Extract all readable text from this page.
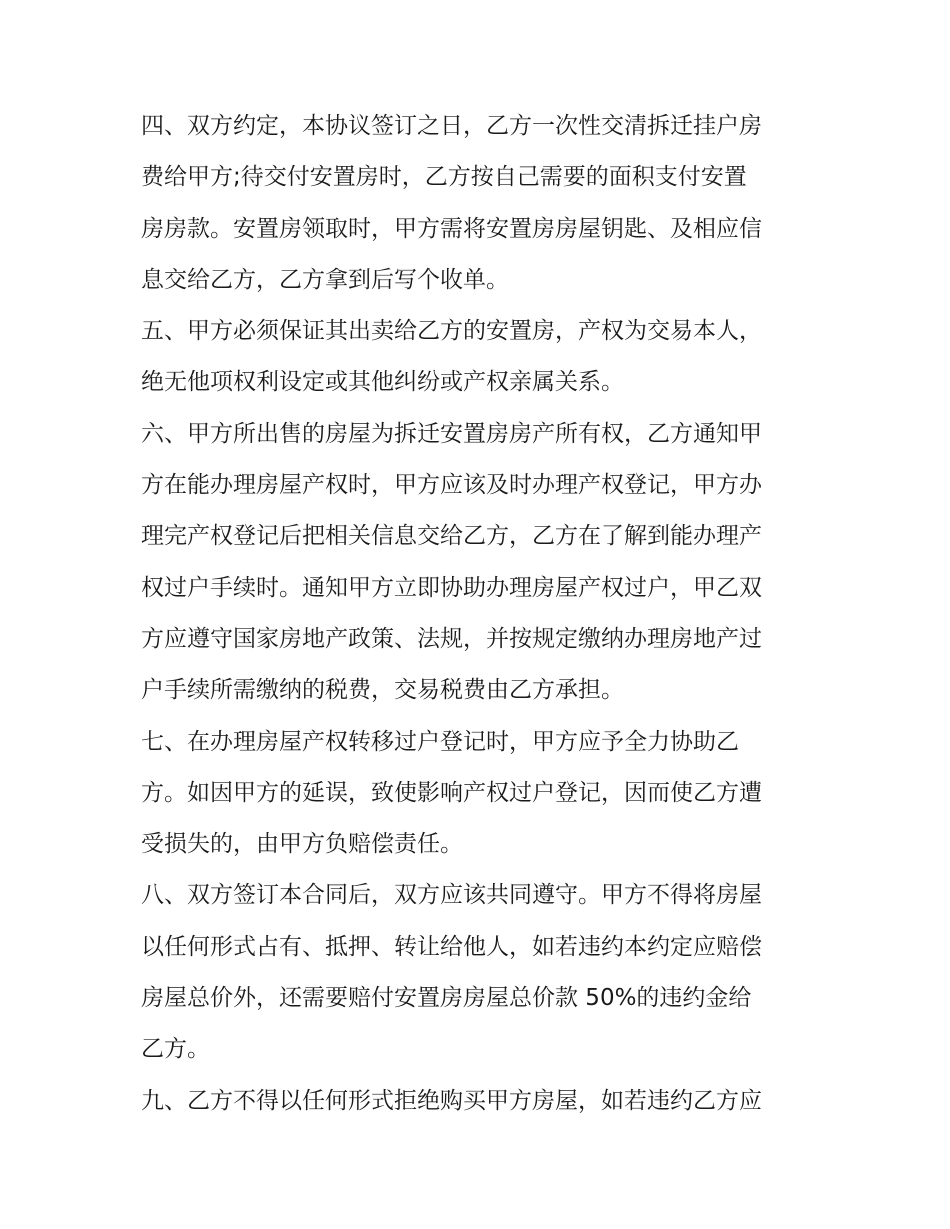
四、双方约定，本协议签订之日，乙方一次性交清拆迁挂户房
费给甲方;待交付安置房时，乙方按自己需要的面积支付安置
房房款。安置房领取时，甲方需将安置房房屋钥匙、及相应信
息交给乙方，乙方拿到后写个收单。
五、甲方必须保证其出卖给乙方的安置房，产权为交易本人，
绝无他项权利设定或其他纠纷或产权亲属关系。
六、甲方所出售的房屋为拆迁安置房房产所有权，乙方通知甲
方在能办理房屋产权时，甲方应该及时办理产权登记，甲方办
理完产权登记后把相关信息交给乙方，乙方在了解到能办理产
权过户手续时。通知甲方立即协助办理房屋产权过户，甲乙双
方应遵守国家房地产政策、法规，并按规定缴纳办理房地产过
户手续所需缴纳的税费，交易税费由乙方承担。
七、在办理房屋产权转移过户登记时，甲方应予全力协助乙
方。如因甲方的延误，致使影响产权过户登记，因而使乙方遭
受损失的，由甲方负赔偿责任。
八、双方签订本合同后，双方应该共同遵守。甲方不得将房屋
以任何形式占有、抵押、转让给他人，如若违约本约定应赔偿
房屋总价外，还需要赔付安置房房屋总价款 50%的违约金给
乙方。
九、乙方不得以任何形式拒绝购买甲方房屋，如若违约乙方应
